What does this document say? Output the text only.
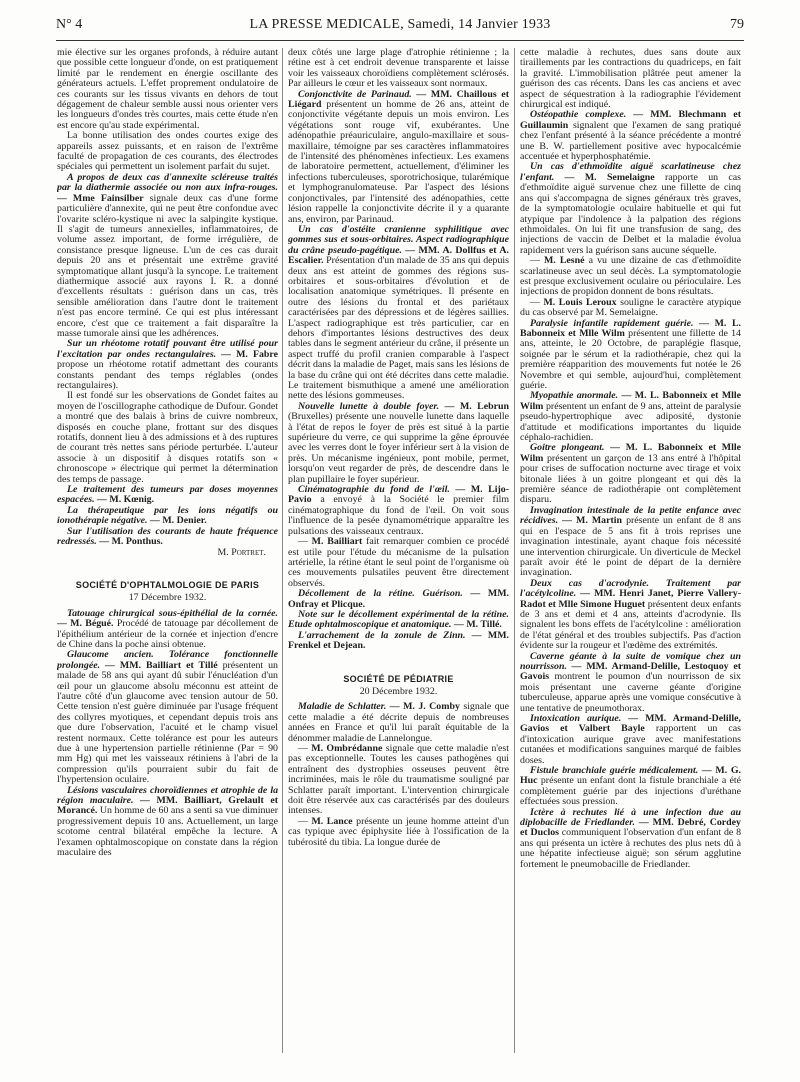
N° 4	LA PRESSE MEDICALE, Samedi, 14 Janvier 1933	79

mie élective sur les organes profonds, à réduire autant que possible cette longueur d'onde, on est pratiquement limité par le rendement en énergie oscillante des générateurs actuels. L'effet proprement ondulatoire de ces courants sur les tissus vivants en dehors de tout dégagement de chaleur semble aussi nous orienter vers les longueurs d'ondes très courtes, mais cette étude n'en est encore qu'au stade expérimental.

La bonne utilisation des ondes courtes exige des appareils assez puissants, et en raison de l'extrême faculté de propagation de ces courants, des électrodes spéciales qui permettent un isolement parfait du sujet.

A propos de deux cas d'annexite scléreuse traités par la diathermie associée ou non aux infra-rouges. — Mme Fainsilber signale deux cas d'une forme particulière d'annexite, qui ne peut être confondue avec l'ovarite scléro-kystique ni avec la salpingite kystique. Il s'agit de tumeurs annexielles, inflammatoires, de volume assez important, de forme irrégulière, de consistance presque ligneuse. L'un de ces cas durait depuis 20 ans et présentait une extrême gravité symptomatique allant jusqu'à la syncope. Le traitement diathermique associé aux rayons I. R. a donné d'excellents résultats : guérison dans un cas, très sensible amélioration dans l'autre dont le traitement n'est pas encore terminé. Ce qui est plus intéressant encore, c'est que ce traitement a fait disparaître la masse tumorale ainsi que les adhérences.

Sur un rhéotome rotatif pouvant être utilisé pour l'excitation par ondes rectangulaires. — M. Fabre propose un rhéotome rotatif admettant des courants constants pendant des temps réglables (ondes rectangulaires).

Il est fondé sur les observations de Gondet faites au moyen de l'oscillographe cathodique de Dufour. Gondet a montré que des balais à brins de cuivre nombreux, disposés en couche plane, frottant sur des disques rotatifs, donnent lieu à des admissions et à des ruptures de courant très nettes sans période perturbée. L'auteur associe à un dispositif à disques rotatifs son « chronoscope » électrique qui permet la détermination des temps de passage.

Le traitement des tumeurs par doses moyennes espacées. — M. Kœnig.

La thérapeutique par les ions négatifs ou ionothérapie négative. — M. Denier.

Sur l'utilisation des courants de haute fréquence redressés. — M. Ponthus.

M. Portret.

SOCIÉTÉ D'OPHTALMOLOGIE DE PARIS
17 Décembre 1932.

Tatouage chirurgical sous-épithélial de la cornée. — M. Bégué. Procédé de tatouage par décollement de l'épithélium antérieur de la cornée et injection d'encre de Chine dans la poche ainsi obtenue.

Glaucome ancien. Tolérance fonctionnelle prolongée. — MM. Bailliart et Tillé présentent un malade de 58 ans qui ayant dû subir l'énucléation d'un œil pour un glaucome absolu méconnu est atteint de l'autre côté d'un glaucome avec tension autour de 50. Cette tension n'est guère diminuée par l'usage fréquent des collyres myotiques, et cependant depuis trois ans que dure l'observation, l'acuité et le champ visuel restent normaux. Cette tolérance est pour les auteurs due à une hypertension partielle rétinienne (Par = 90 mm Hg) qui met les vaisseaux rétiniens à l'abri de la compression qu'ils pourraient subir du fait de l'hypertension oculaire.

Lésions vasculaires choroïdiennes et atrophie de la région maculaire. — MM. Bailliart, Grelault et Morancé. Un homme de 60 ans a senti sa vue diminuer progressivement depuis 10 ans. Actuellement, un large scotome central bilatéral empêche la lecture. A l'examen ophtalmoscopique on constate dans la région maculaire des

deux côtés une large plage d'atrophie rétinienne ; la rétine est à cet endroit devenue transparente et laisse voir les vaisseaux choroïdiens complètement sclérosés. Par ailleurs le cœur et les vaisseaux sont normaux.

Conjonctivite de Parinaud. — MM. Chaillous et Liégard présentent un homme de 26 ans, atteint de conjonctivite végétante depuis un mois environ. Les végétations sont rouge vif, exubérantes. Une adénopathie préauriculaire, angulo-maxillaire et sous-maxillaire, témoigne par ses caractères inflammatoires de l'intensité des phénomènes infectieux. Les examens de laboratoire permettent, actuellement, d'éliminer les infections tuberculeuses, sporotrichosique, tularémique et lymphogranulomateuse. Par l'aspect des lésions conjonctivales, par l'intensité des adénopathies, cette lésion rappelle la conjonctivite décrite il y a quarante ans, environ, par Parinaud.

Un cas d'ostéite cranienne syphilitique avec gommes sus et sous-orbitaires. Aspect radiographique du crâne pseudo-pagétique. — MM. A. Dollfus et A. Escalier. Présentation d'un malade de 35 ans qui depuis deux ans est atteint de gommes des régions sus-orbitaires et sous-orbitaires d'évolution et de localisation anatomique symétriques. Il présente en outre des lésions du frontal et des pariétaux caractérisées par des dépressions et de légères saillies. L'aspect radiographique est très particulier, car en dehors d'importantes lésions destructives des deux tables dans le segment antérieur du crâne, il présente un aspect truffé du profil cranien comparable à l'aspect décrit dans la maladie de Paget, mais sans les lésions de la base du crâne qui ont été décrites dans cette maladie. Le traitement bismuthique a amené une amélioration nette des lésions gommeuses.

Nouvelle lunette à double foyer. — M. Lebrun (Bruxelles) présente une nouvelle lunette dans laquelle à l'état de repos le foyer de près est situé à la partie supérieure du verre, ce qui supprime la gêne éprouvée avec les verres dont le foyer inférieur sert à la vision de près. Un mécanisme ingénieux, pont mobile, permet, lorsqu'on veut regarder de près, de descendre dans le plan pupillaire le foyer supérieur.

Cinématographie du fond de l'œil. — M. Lijo-Pavio a envoyé à la Société le premier film cinématographique du fond de l'œil. On voit sous l'influence de la pesée dynamométrique apparaître les pulsations des vaisseaux centraux.

— M. Bailliart fait remarquer combien ce procédé est utile pour l'étude du mécanisme de la pulsation artérielle, la rétine étant le seul point de l'organisme où ces mouvements pulsatiles peuvent être directement observés.

Décollement de la rétine. Guérison. — MM. Onfray et Plicque.

Note sur le décollement expérimental de la rétine. Etude ophtalmoscopique et anatomique. — M. Tillé.

L'arrachement de la zonule de Zinn. — MM. Frenkel et Dejean.

SOCIÉTÉ DE PÉDIATRIE
20 Décembre 1932.

Maladie de Schlatter. — M. J. Comby signale que cette maladie a été décrite depuis de nombreuses années en France et qu'il lui paraît équitable de la dénommer maladie de Lannelongue.

— M. Ombrédanne signale que cette maladie n'est pas exceptionnelle. Toutes les causes pathogènes qui entraînent des dystrophies osseuses peuvent être incriminées, mais le rôle du traumatisme souligné par Schlatter paraît important. L'intervention chirurgicale doit être réservée aux cas caractérisés par des douleurs intenses.

— M. Lance présente un jeune homme atteint d'un cas typique avec épiphysite liée à l'ossification de la tubérosité du tibia. La longue durée de

cette maladie à rechutes, dues sans doute aux tiraillements par les contractions du quadriceps, en fait la gravité. L'immobilisation plâtrée peut amener la guérison des cas récents. Dans les cas anciens et avec aspect de séquestration à la radiographie l'évidement chirurgical est indiqué.

Ostéopathie complexe. — MM. Blechmann et Guillaumin signalent que l'examen de sang pratiqué chez l'enfant présenté à la séance précédente a montré une B. W. partiellement positive avec hypocalcémie accentuée et hyperphosphatémie.

Un cas d'ethmoïdite aiguë scarlatineuse chez l'enfant. — M. Semelaigne rapporte un cas d'ethmoïdite aiguë survenue chez une fillette de cinq ans qui s'accompagna de signes généraux très graves, de la symptomatologie oculaire habituelle et qui fut atypique par l'indolence à la palpation des régions ethmoïdales. On lui fit une transfusion de sang, des injections de vaccin de Delbet et la maladie évolua rapidement vers la guérison sans aucune séquelle.

— M. Lesné a vu une dizaine de cas d'ethmoïdite scarlatineuse avec un seul décès. La symptomatologie est presque exclusivement oculaire ou périoculaire. Les injections de propidon donnent de bons résultats.

— M. Louis Leroux souligne le caractère atypique du cas observé par M. Semelaigne.

Paralysie infantile rapidement guérie. — M. L. Babonneix et Mlle Wilm présentent une fillette de 14 ans, atteinte, le 20 Octobre, de paraplégie flasque, soignée par le sérum et la radiothérapie, chez qui la première réapparition des mouvements fut notée le 26 Novembre et qui semble, aujourd'hui, complètement guérie.

Myopathie anormale. — M. L. Babonneix et Mlle Wilm présentent un enfant de 9 ans, atteint de paralysie pseudo-hypertrophique avec adiposité, dystonie d'attitude et modifications importantes du liquide céphalo-rachidien.

Goitre plongeant. — M. L. Babonneix et Mlle Wilm présentent un garçon de 13 ans entré à l'hôpital pour crises de suffocation nocturne avec tirage et voix bitonale liées à un goitre plongeant et qui dès la première séance de radiothérapie ont complètement disparu.

Invagination intestinale de la petite enfance avec récidives. — M. Martin présente un enfant de 8 ans qui en l'espace de 5 ans fit à trois reprises une invagination intestinale, ayant chaque fois nécessité une intervention chirurgicale. Un diverticule de Meckel paraît avoir été le point de départ de la dernière invagination.

Deux cas d'acrodynie. Traitement par l'acétylcoline. — MM. Henri Janet, Pierre Vallery-Radot et Mlle Simone Huguet présentent deux enfants de 3 ans et demi et 4 ans, atteints d'acrodynie. Ils signalent les bons effets de l'acétylcoline : amélioration de l'état général et des troubles subjectifs. Pas d'action évidente sur la rougeur et l'œdème des extrémités.

Caverne géante à la suite de vomique chez un nourrisson. — MM. Armand-Delille, Lestoquoy et Gavois montrent le poumon d'un nourrisson de six mois présentant une caverne géante d'origine tuberculeuse, apparue après une vomique consécutive à une tentative de pneumothorax.

Intoxication aurique. — MM. Armand-Delille, Gavios et Valbert Bayle rapportent un cas d'intoxication aurique grave avec manifestations cutanées et modifications sanguines marqué de faibles doses.

Fistule branchiale guérie médicalement. — M. G. Huc présente un enfant dont la fistule branchiale a été complètement guérie par des injections d'uréthane effectuées sous pression.

Ictère à rechutes lié à une infection due au diplobacille de Friedlander. — MM. Debré, Cordey et Duclos communiquent l'observation d'un enfant de 8 ans qui présenta un ictère à rechutes des plus nets dû à une hépatite infectieuse aiguë; son sérum agglutine fortement le pneumobacille de Friedlander.
